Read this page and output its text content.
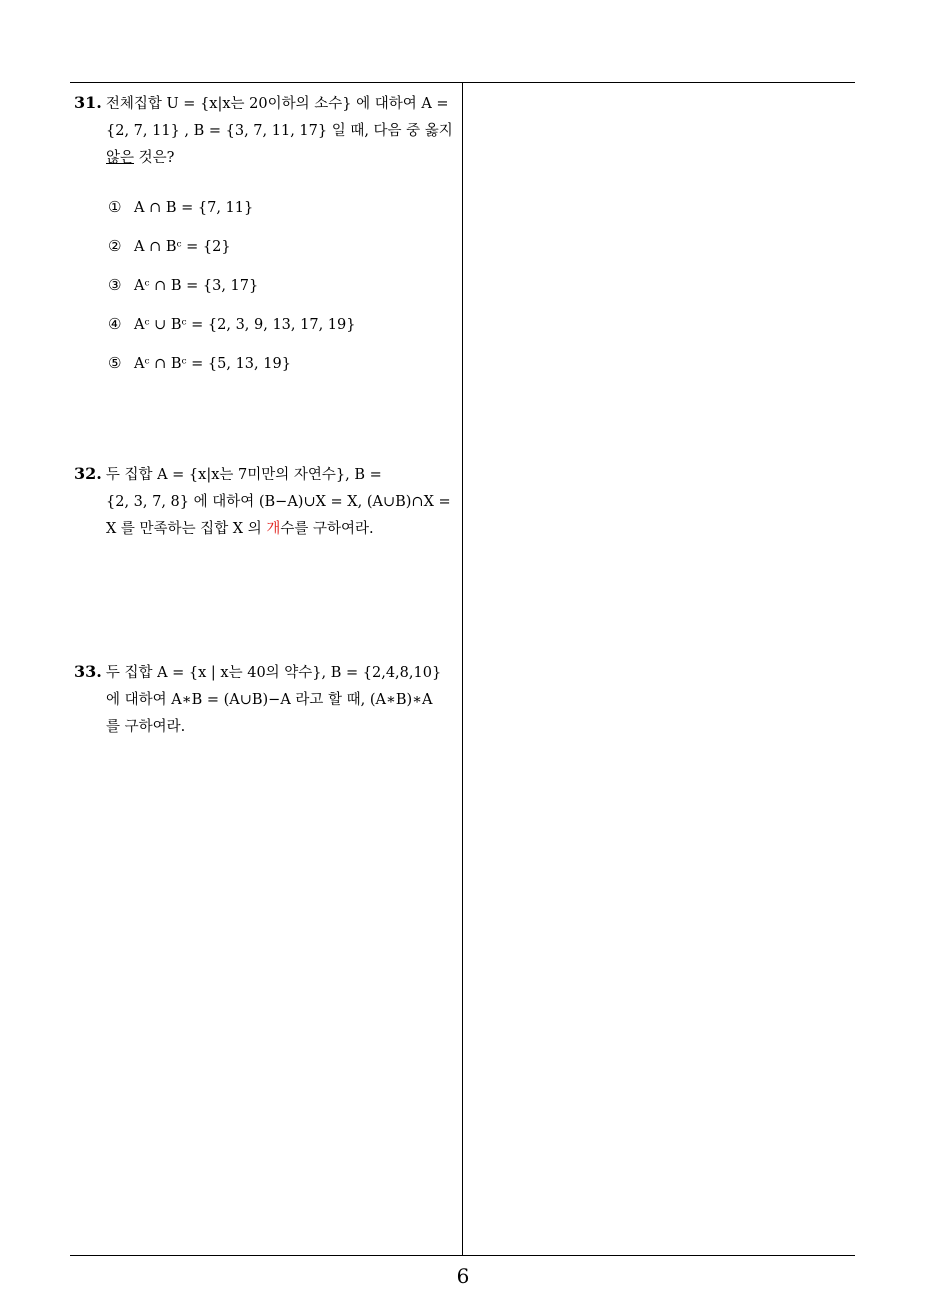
31. 전체집합 U = {x|x는 20이하의 소수} 에 대하여 A =
{2, 7, 11} , B = {3, 7, 11, 17} 일 때, 다음 중 옳지
않은 것은?
① A ∩ B = {7, 11}
② A ∩ Bᶜ = {2}
③ Aᶜ ∩ B = {3, 17}
④ Aᶜ ∪ Bᶜ = {2, 3, 9, 13, 17, 19}
⑤ Aᶜ ∩ Bᶜ = {5, 13, 19}
32. 두 집합 A = {x|x는 7미만의 자연수}, B =
{2, 3, 7, 8} 에 대하여 (B−A)∪X = X, (A∪B)∩X =
X 를 만족하는 집합 X 의 개수를 구하여라.
33. 두 집합 A = {x | x는 40의 약수}, B = {2,4,8,10}
에 대하여 A∗B = (A∪B)−A 라고 할 때, (A∗B)∗A
를 구하여라.
6
